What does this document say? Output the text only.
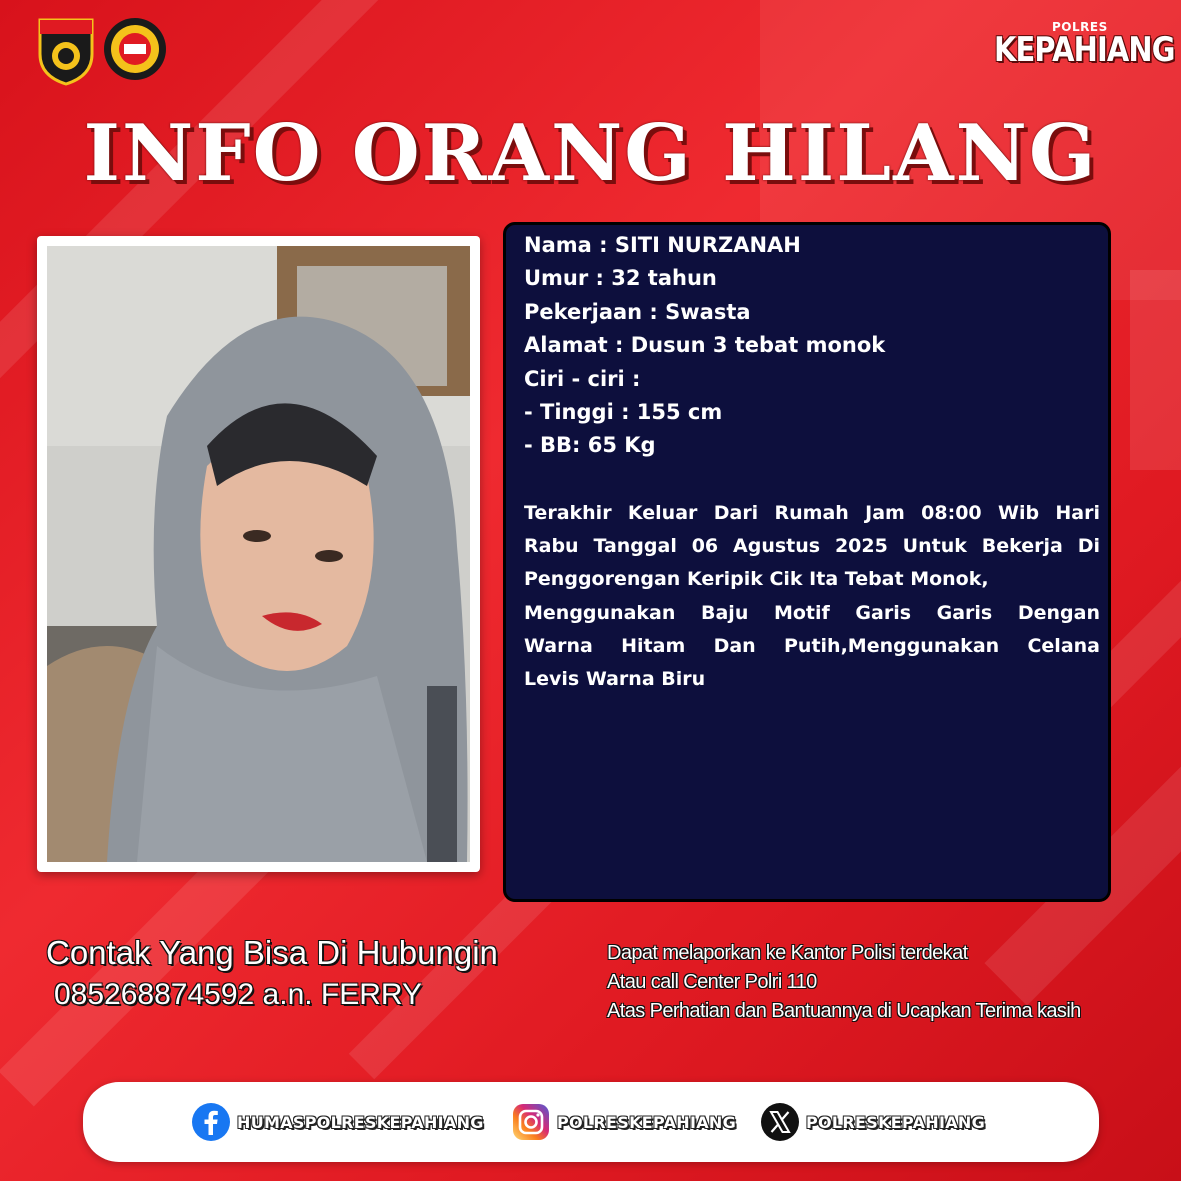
POLRES
KEPAHIANG
INFO ORANG HILANG
Nama : SITI NURZANAH
Umur : 32 tahun
Pekerjaan : Swasta
Alamat : Dusun 3 tebat monok
Ciri - ciri :
- Tinggi : 155 cm
- BB: 65 Kg
Terakhir Keluar Dari Rumah Jam 08:00 Wib Hari
Rabu Tanggal 06 Agustus 2025 Untuk Bekerja Di
Penggorengan Keripik Cik Ita Tebat Monok,
Menggunakan Baju Motif Garis Garis Dengan
Warna Hitam Dan Putih,Menggunakan Celana
Levis Warna Biru
Contak Yang Bisa Di Hubungin
085268874592 a.n. FERRY
Dapat melaporkan ke Kantor Polisi terdekat
Atau call Center Polri 110
Atas Perhatian dan Bantuannya di Ucapkan Terima kasih
HUMASPOLRESKEPAHIANG	POLRESKEPAHIANG	POLRESKEPAHIANG
